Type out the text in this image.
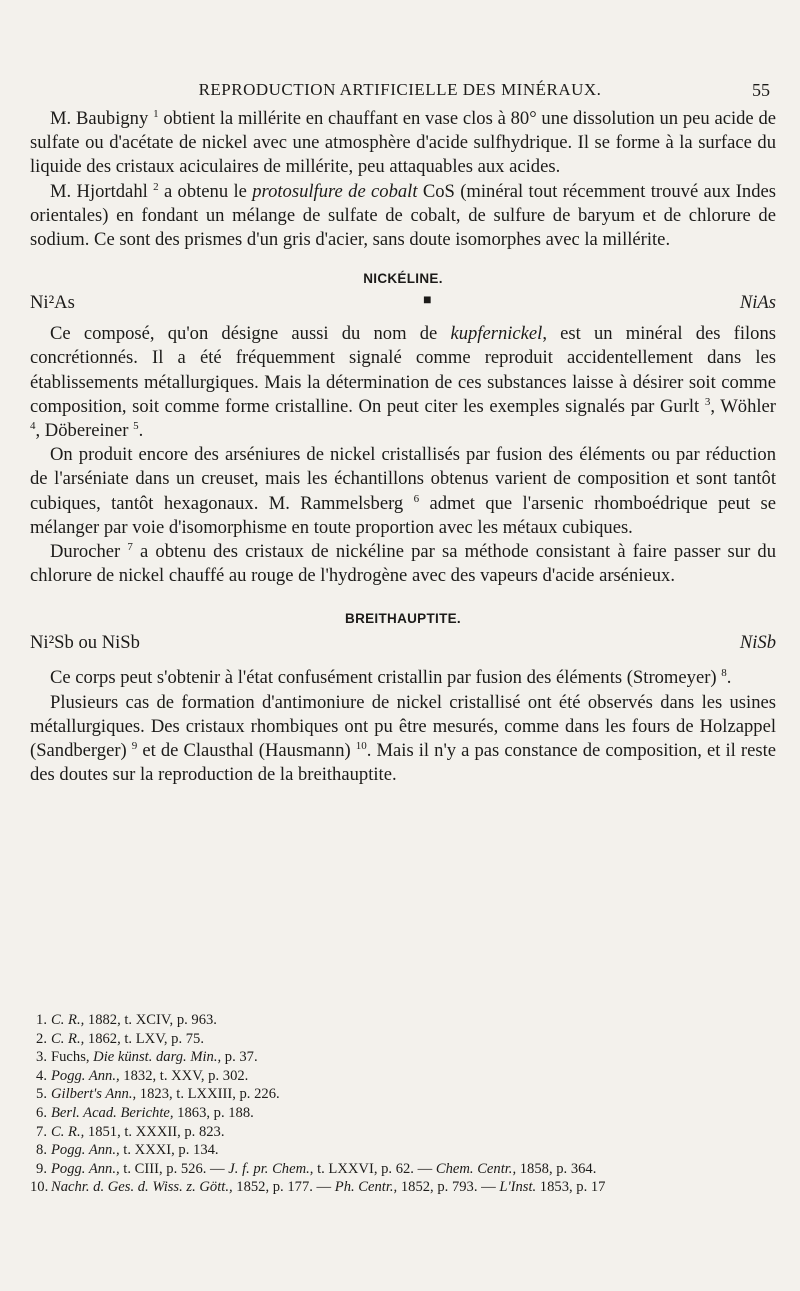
REPRODUCTION ARTIFICIELLE DES MINÉRAUX.	55

M. Baubigny $^1$ obtient la millérite en chauffant en vase clos à 80° une dissolution un peu acide de sulfate ou d'acétate de nickel avec une atmosphère d'acide sulfhydrique. Il se forme à la surface du liquide des cristaux aciculaires de millérite, peu attaquables aux acides.

M. Hjortdahl $^2$ a obtenu le protosulfure de cobalt CoS (minéral tout récemment trouvé aux Indes orientales) en fondant un mélange de sulfate de cobalt, de sulfure de baryum et de chlorure de sodium. Ce sont des prismes d'un gris d'acier, sans doute isomorphes avec la millérite.

NICKÉLINE.
Ni²As	■	NiAs

Ce composé, qu'on désigne aussi du nom de kupfernickel, est un minéral des filons concrétionnés. Il a été fréquemment signalé comme reproduit accidentellement dans les établissements métallurgiques. Mais la détermination de ces substances laisse à désirer soit comme composition, soit comme forme cristalline. On peut citer les exemples signalés par Gurlt $^3$, Wöhler $^4$, Döbereiner $^5$.

On produit encore des arséniures de nickel cristallisés par fusion des éléments ou par réduction de l'arséniate dans un creuset, mais les échantillons obtenus varient de composition et sont tantôt cubiques, tantôt hexagonaux. M. Rammelsberg $^6$ admet que l'arsenic rhomboédrique peut se mélanger par voie d'isomorphisme en toute proportion avec les métaux cubiques.

Durocher $^7$ a obtenu des cristaux de nickéline par sa méthode consistant à faire passer sur du chlorure de nickel chauffé au rouge de l'hydrogène avec des vapeurs d'acide arsénieux.

BREITHAUPTITE.
Ni²Sb ou NiSb	NiSb

Ce corps peut s'obtenir à l'état confusément cristallin par fusion des éléments (Stromeyer) $^8$.

Plusieurs cas de formation d'antimoniure de nickel cristallisé ont été observés dans les usines métallurgiques. Des cristaux rhombiques ont pu être mesurés, comme dans les fours de Holzappel (Sandberger) $^9$ et de Clausthal (Hausmann) $^{10}$. Mais il n'y a pas constance de composition, et il reste des doutes sur la reproduction de la breithauptite.

1. C. R., 1882, t. XCIV, p. 963.
2. C. R., 1862, t. LXV, p. 75.
3. Fuchs, Die künst. darg. Min., p. 37.
4. Pogg. Ann., 1832, t. XXV, p. 302.
5. Gilbert's Ann., 1823, t. LXXIII, p. 226.
6. Berl. Acad. Berichte, 1863, p. 188.
7. C. R., 1851, t. XXXII, p. 823.
8. Pogg. Ann., t. XXXI, p. 134.
9. Pogg. Ann., t. CIII, p. 526. — J. f. pr. Chem., t. LXXVI, p. 62. — Chem. Centr., 1858, p. 364.
10. Nachr. d. Ges. d. Wiss. z. Gött., 1852, p. 177. — Ph. Centr., 1852, p. 793. — L'Inst. 1853, p. 17
